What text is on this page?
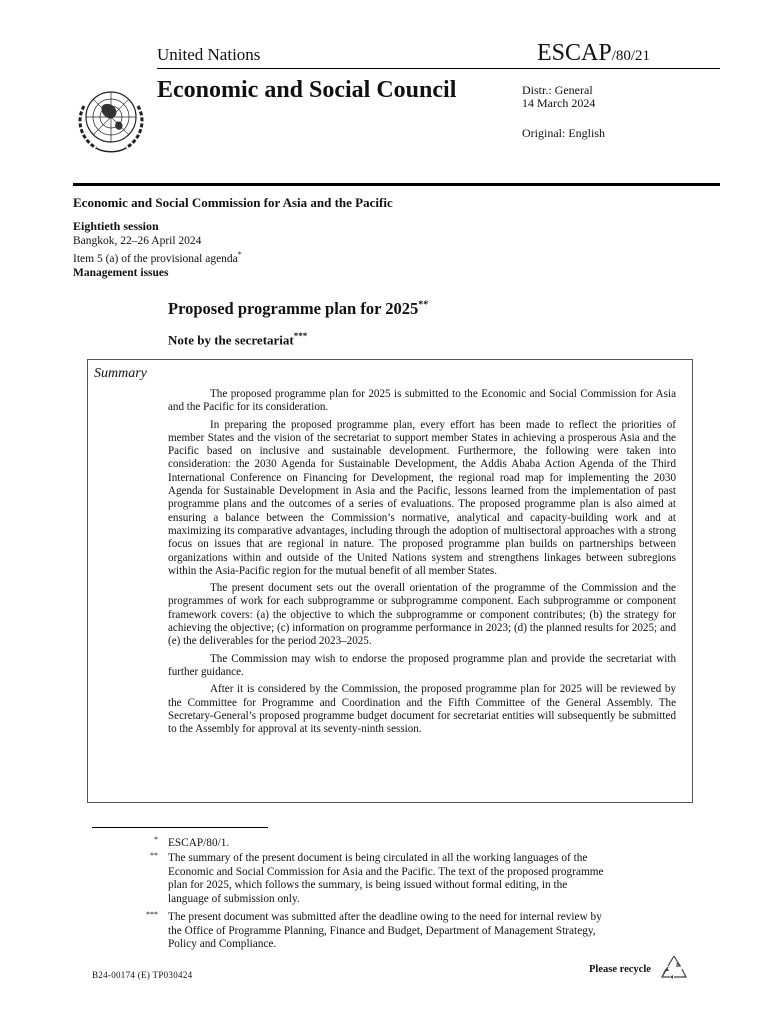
United Nations	ESCAP/80/21
Economic and Social Council	Distr.: General
14 March 2024
Original: English
Economic and Social Commission for Asia and the Pacific
Eightieth session
Bangkok, 22–26 April 2024
Item 5 (a) of the provisional agenda*
Management issues
Proposed programme plan for 2025**
Note by the secretariat***
Summary

The proposed programme plan for 2025 is submitted to the Economic and Social Commission for Asia and the Pacific for its consideration.

In preparing the proposed programme plan, every effort has been made to reflect the priorities of member States and the vision of the secretariat to support member States in achieving a prosperous Asia and the Pacific based on inclusive and sustainable development. Furthermore, the following were taken into consideration: the 2030 Agenda for Sustainable Development, the Addis Ababa Action Agenda of the Third International Conference on Financing for Development, the regional road map for implementing the 2030 Agenda for Sustainable Development in Asia and the Pacific, lessons learned from the implementation of past programme plans and the outcomes of a series of evaluations. The proposed programme plan is also aimed at ensuring a balance between the Commission’s normative, analytical and capacity-building work and at maximizing its comparative advantages, including through the adoption of multisectoral approaches with a strong focus on issues that are regional in nature. The proposed programme plan builds on partnerships between organizations within and outside of the United Nations system and strengthens linkages between subregions within the Asia-Pacific region for the mutual benefit of all member States.

The present document sets out the overall orientation of the programme of the Commission and the programmes of work for each subprogramme or subprogramme component. Each subprogramme or component framework covers: (a) the objective to which the subprogramme or component contributes; (b) the strategy for achieving the objective; (c) information on programme performance in 2023; (d) the planned results for 2025; and (e) the deliverables for the period 2023–2025.

The Commission may wish to endorse the proposed programme plan and provide the secretariat with further guidance.

After it is considered by the Commission, the proposed programme plan for 2025 will be reviewed by the Committee for Programme and Coordination and the Fifth Committee of the General Assembly. The Secretary-General’s proposed programme budget document for secretariat entities will subsequently be submitted to the Assembly for approval at its seventy-ninth session.

* ESCAP/80/1.
** The summary of the present document is being circulated in all the working languages of the Economic and Social Commission for Asia and the Pacific. The text of the proposed programme plan for 2025, which follows the summary, is being issued without formal editing, in the language of submission only.
*** The present document was submitted after the deadline owing to the need for internal review by the Office of Programme Planning, Finance and Budget, Department of Management Strategy, Policy and Compliance.
B24-00174 (E) TP030424	Please recycle
